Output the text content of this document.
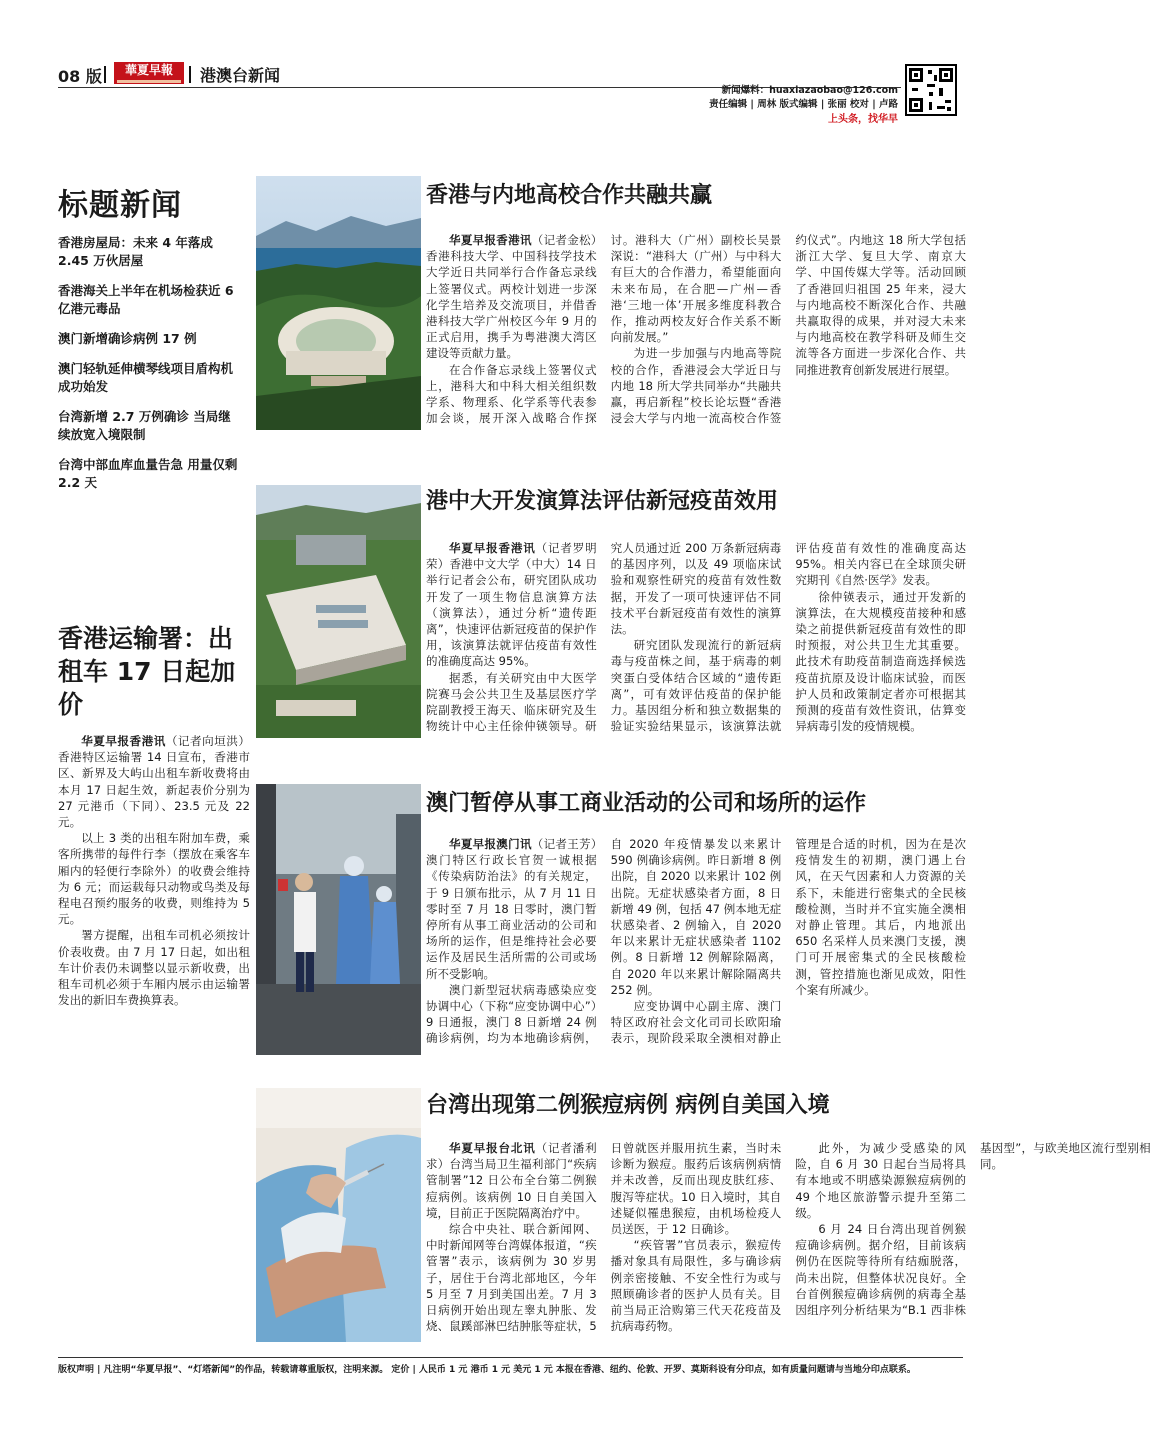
08 版	華夏早報	港澳台新闻
新闻爆料：huaxiazaobao@126.com
责任编辑 | 周林 版式编辑 | 张丽 校对 | 卢路
上头条，找华早
标题新闻
香港房屋局：未来 4 年落成 2.45 万伙居屋
香港海关上半年在机场检获近 6 亿港元毒品
澳门新增确诊病例 17 例
澳门轻轨延伸横琴线项目盾构机成功始发
台湾新增 2.7 万例确诊 当局继续放宽入境限制
台湾中部血库血量告急 用量仅剩 2.2 天
香港运输署：出租车 17 日起加价

华夏早报香港讯（记者向垣洪）香港特区运输署 14 日宣布，香港市区、新界及大屿山出租车新收费将由本月 17 日起生效，新起表价分别为 27 元港币（下同）、23.5 元及 22 元。

以上 3 类的出租车附加车费，乘客所携带的每件行李（摆放在乘客车厢内的轻便行李除外）的收费会维持为 6 元；而运载每只动物或鸟类及每程电召预约服务的收费，则维持为 5 元。

署方提醒，出租车司机必须按计价表收费。由 7 月 17 日起，如出租车计价表仍未调整以显示新收费，出租车司机必须于车厢内展示由运输署发出的新旧车费换算表。

香港与内地高校合作共融共赢

华夏早报香港讯（记者金松）香港科技大学、中国科技学技术大学近日共同举行合作备忘录线上签署仪式。两校计划进一步深化学生培养及交流项目，并借香港科技大学广州校区今年 9 月的正式启用，携手为粤港澳大湾区建设等贡献力量。

在合作备忘录线上签署仪式上，港科大和中科大相关组织数学系、物理系、化学系等代表参加会谈，展开深入战略合作探讨。港科大（广州）副校长吴景深说：“港科大（广州）与中科大有巨大的合作潜力，希望能面向未来布局，在合肥—广州—香港‘三地一体’开展多维度科教合作，推动两校友好合作关系不断向前发展。”

为进一步加强与内地高等院校的合作，香港浸会大学近日与内地 18 所大学共同举办“共融共赢，再启新程”校长论坛暨“香港浸会大学与内地一流高校合作签约仪式”。内地这 18 所大学包括浙江大学、复旦大学、南京大学、中国传媒大学等。活动回顾了香港回归祖国 25 年来，浸大与内地高校不断深化合作、共融共赢取得的成果，并对浸大未来与内地高校在教学科研及师生交流等各方面进一步深化合作、共同推进教育创新发展进行展望。

港中大开发演算法评估新冠疫苗效用

华夏早报香港讯（记者罗明荣）香港中文大学（中大）14 日举行记者会公布，研究团队成功开发了一项生物信息演算方法（演算法），通过分析“遗传距离”，快速评估新冠疫苗的保护作用，该演算法就评估疫苗有效性的准确度高达 95%。

据悉，有关研究由中大医学院赛马会公共卫生及基层医疗学院副教授王海天、临床研究及生物统计中心主任徐仲锳领导。研究人员通过近 200 万条新冠病毒的基因序列，以及 49 项临床试验和观察性研究的疫苗有效性数据，开发了一项可快速评估不同技术平台新冠疫苗有效性的演算法。

研究团队发现流行的新冠病毒与疫苗株之间，基于病毒的刺突蛋白受体结合区域的“遗传距离”，可有效评估疫苗的保护能力。基因组分析和独立数据集的验证实验结果显示，该演算法就评估疫苗有效性的准确度高达 95%。相关内容已在全球顶尖研究期刊《自然·医学》发表。

徐仲锳表示，通过开发新的演算法，在大规模疫苗接种和感染之前提供新冠疫苗有效性的即时预报，对公共卫生尤其重要。此技术有助疫苗制造商选择候选疫苗抗原及设计临床试验，而医护人员和政策制定者亦可根据其预测的疫苗有效性资讯，估算变异病毒引发的疫情规模。

澳门暂停从事工商业活动的公司和场所的运作

华夏早报澳门讯（记者王芳）澳门特区行政长官贺一诚根据《传染病防治法》的有关规定，于 9 日颁布批示，从 7 月 11 日零时至 7 月 18 日零时，澳门暂停所有从事工商业活动的公司和场所的运作，但是维持社会必要运作及居民生活所需的公司或场所不受影响。

澳门新型冠状病毒感染应变协调中心（下称“应变协调中心”）9 日通报，澳门 8 日新增 24 例确诊病例，均为本地确诊病例，自 2020 年疫情暴发以来累计 590 例确诊病例。昨日新增 8 例出院，自 2020 以来累计 102 例出院。无症状感染者方面，8 日新增 49 例，包括 47 例本地无症状感染者、2 例输入，自 2020 年以来累计无症状感染者 1102 例。8 日新增 12 例解除隔离，自 2020 年以来累计解除隔离共 252 例。

应变协调中心副主席、澳门特区政府社会文化司司长欧阳瑜表示，现阶段采取全澳相对静止管理是合适的时机，因为在是次疫情发生的初期，澳门遇上台风，在天气因素和人力资源的关系下，未能进行密集式的全民核酸检测，当时并不宜实施全澳相对静止管理。其后，内地派出 650 名采样人员来澳门支援，澳门可开展密集式的全民核酸检测，管控措施也渐见成效，阳性个案有所减少。

台湾出现第二例猴痘病例 病例自美国入境

华夏早报台北讯（记者潘利求）台湾当局卫生福利部门“疾病管制署”12 日公布全台第二例猴痘病例。该病例 10 日自美国入境，目前正于医院隔离治疗中。

综合中央社、联合新闻网、中时新闻网等台湾媒体报道，“疾管署”表示，该病例为 30 岁男子，居住于台湾北部地区，今年 5 月至 7 月到美国出差。7 月 3 日病例开始出现左睾丸肿胀、发烧、鼠蹊部淋巴结肿胀等症状，5 日曾就医并服用抗生素，当时未诊断为猴痘。服药后该病例病情并未改善，反而出现皮肤红疹、腹泻等症状。10 日入境时，其自述疑似罹患猴痘，由机场检疫人员送医，于 12 日确诊。

“疾管署”官员表示，猴痘传播对象具有局限性，多与确诊病例亲密接触、不安全性行为或与照顾确诊者的医护人员有关。目前当局正洽购第三代天花疫苗及抗病毒药物。

此外，为减少受感染的风险，自 6 月 30 日起台当局将具有本地或不明感染源猴痘病例的 49 个地区旅游警示提升至第二级。

6 月 24 日台湾出现首例猴痘确诊病例。据介绍，目前该病例仍在医院等待所有结痂脱落，尚未出院，但整体状况良好。全台首例猴痘确诊病例的病毒全基因组序列分析结果为“B.1 西非株基因型”，与欧美地区流行型别相同。

版权声明 | 凡注明“华夏早报”、“灯塔新闻”的作品，转载请尊重版权，注明来源。 定价 | 人民币 1 元 港币 1 元 美元 1 元 本报在香港、纽约、伦敦、开罗、莫斯科设有分印点，如有质量问题请与当地分印点联系。
